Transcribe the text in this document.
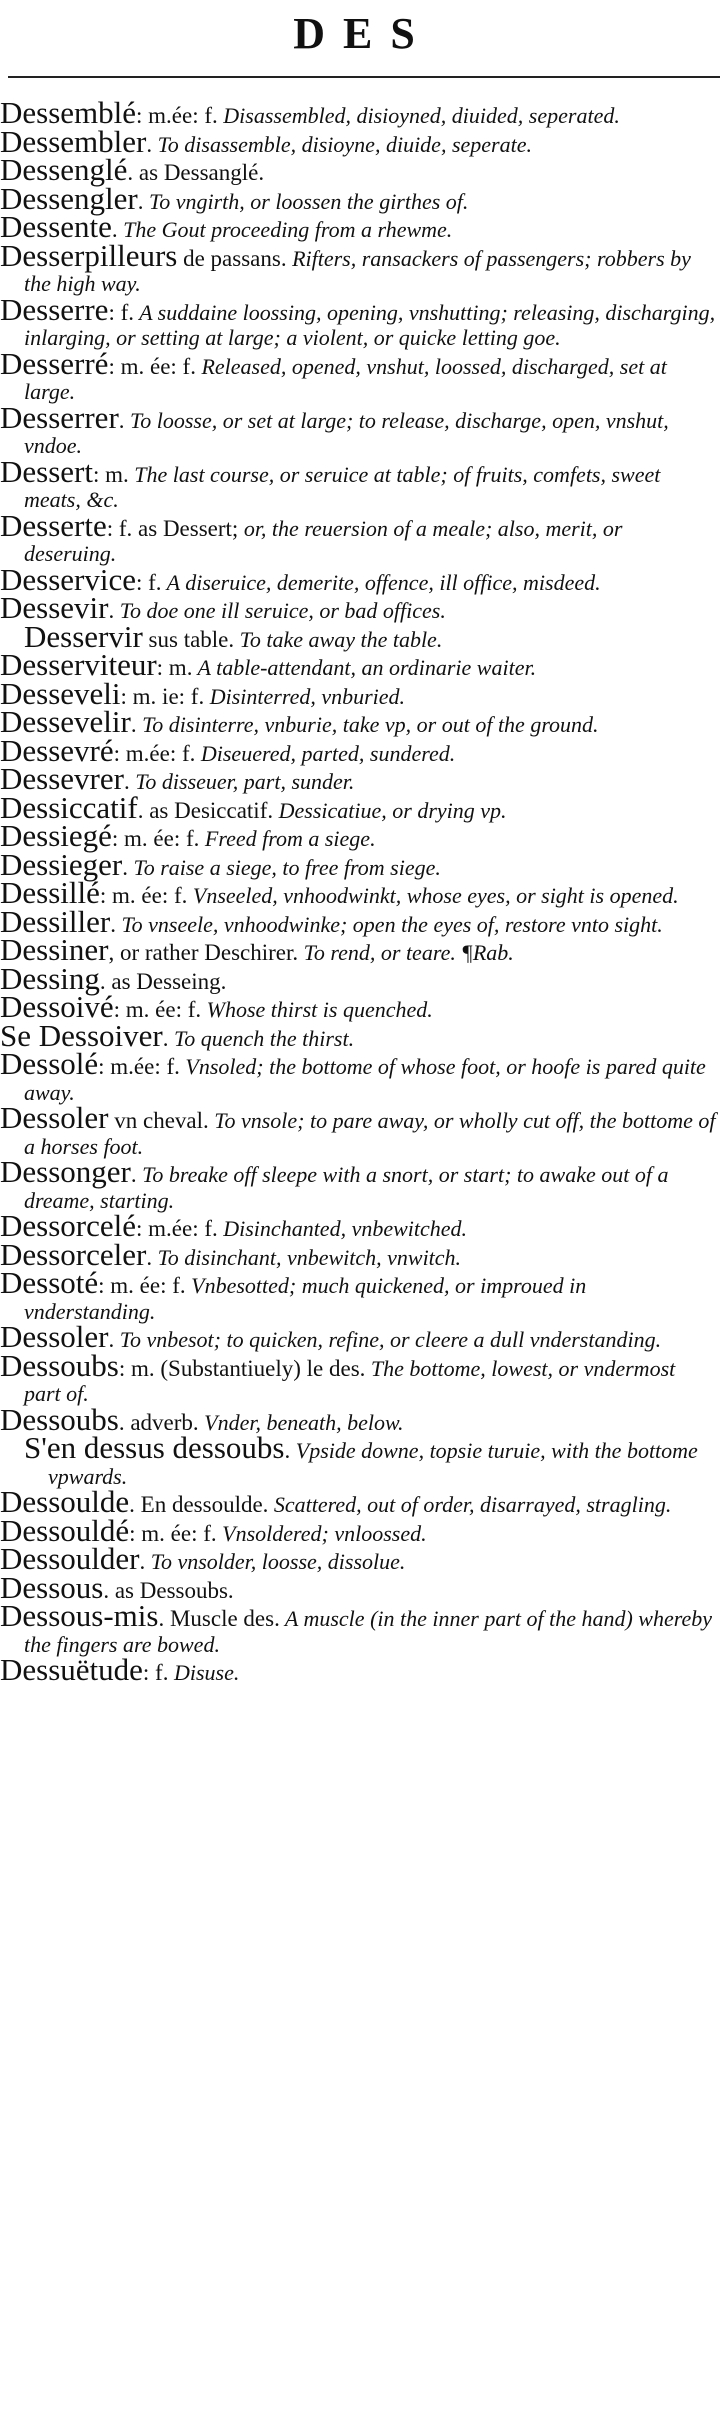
DES

Dessemblé: m.ée: f. Disassembled, disioyned, diuided, seperated.

Dessembler. To disassemble, disioyne, diuide, seperate.

Dessenglé. as Dessanglé.

Dessengler. To vngirth, or loossen the girthes of.

Dessente. The Gout proceeding from a rhewme.

Desserpilleurs de passans. Rifters, ransackers of passengers; robbers by the high way.

Desserre: f. A suddaine loossing, opening, vnshutting; releasing, discharging, inlarging, or setting at large; a violent, or quicke letting goe.

Desserré: m. ée: f. Released, opened, vnshut, loossed, discharged, set at large.

Desserrer. To loosse, or set at large; to release, discharge, open, vnshut, vndoe.

Dessert: m. The last course, or seruice at table; of fruits, comfets, sweet meats, &c.

Desserte: f. as Dessert; or, the reuersion of a meale; also, merit, or deseruing.

Desservice: f. A diseruice, demerite, offence, ill office, misdeed.

Dessevir. To doe one ill seruice, or bad offices.

Desservir sus table. To take away the table.

Desserviteur: m. A table-attendant, an ordinarie waiter.

Desseveli: m. ie: f. Disinterred, vnburied.

Dessevelir. To disinterre, vnburie, take vp, or out of the ground.

Dessevré: m.ée: f. Diseuered, parted, sundered.

Dessevrer. To disseuer, part, sunder.

Dessiccatif. as Desiccatif. Dessicatiue, or drying vp.

Dessiegé: m. ée: f. Freed from a siege.

Dessieger. To raise a siege, to free from siege.

Dessillé: m. ée: f. Vnseeled, vnhoodwinkt, whose eyes, or sight is opened.

Dessiller. To vnseele, vnhoodwinke; open the eyes of, restore vnto sight.

Dessiner, or rather Deschirer. To rend, or teare. ¶Rab.

Dessing. as Desseing.

Dessoivé: m. ée: f. Whose thirst is quenched.

Se Dessoiver. To quench the thirst.

Dessolé: m.ée: f. Vnsoled; the bottome of whose foot, or hoofe is pared quite away.

Dessoler vn cheval. To vnsole; to pare away, or wholly cut off, the bottome of a horses foot.

Dessonger. To breake off sleepe with a snort, or start; to awake out of a dreame, starting.

Dessorcelé: m.ée: f. Disinchanted, vnbewitched.

Dessorceler. To disinchant, vnbewitch, vnwitch.

Dessoté: m. ée: f. Vnbesotted; much quickened, or improued in vnderstanding.

Dessoler. To vnbesot; to quicken, refine, or cleere a dull vnderstanding.

Dessoubs: m. (Substantiuely) le des. The bottome, lowest, or vndermost part of.

Dessoubs. adverb. Vnder, beneath, below.

S'en dessus dessoubs. Vpside downe, topsie turuie, with the bottome vpwards.

Dessoulde. En dessoulde. Scattered, out of order, disarrayed, stragling.

Dessouldé: m. ée: f. Vnsoldered; vnloossed.

Dessoulder. To vnsolder, loosse, dissolue.

Dessous. as Dessoubs.

Dessous-mis. Muscle des. A muscle (in the inner part of the hand) whereby the fingers are bowed.

Dessuëtude: f. Disuse.
